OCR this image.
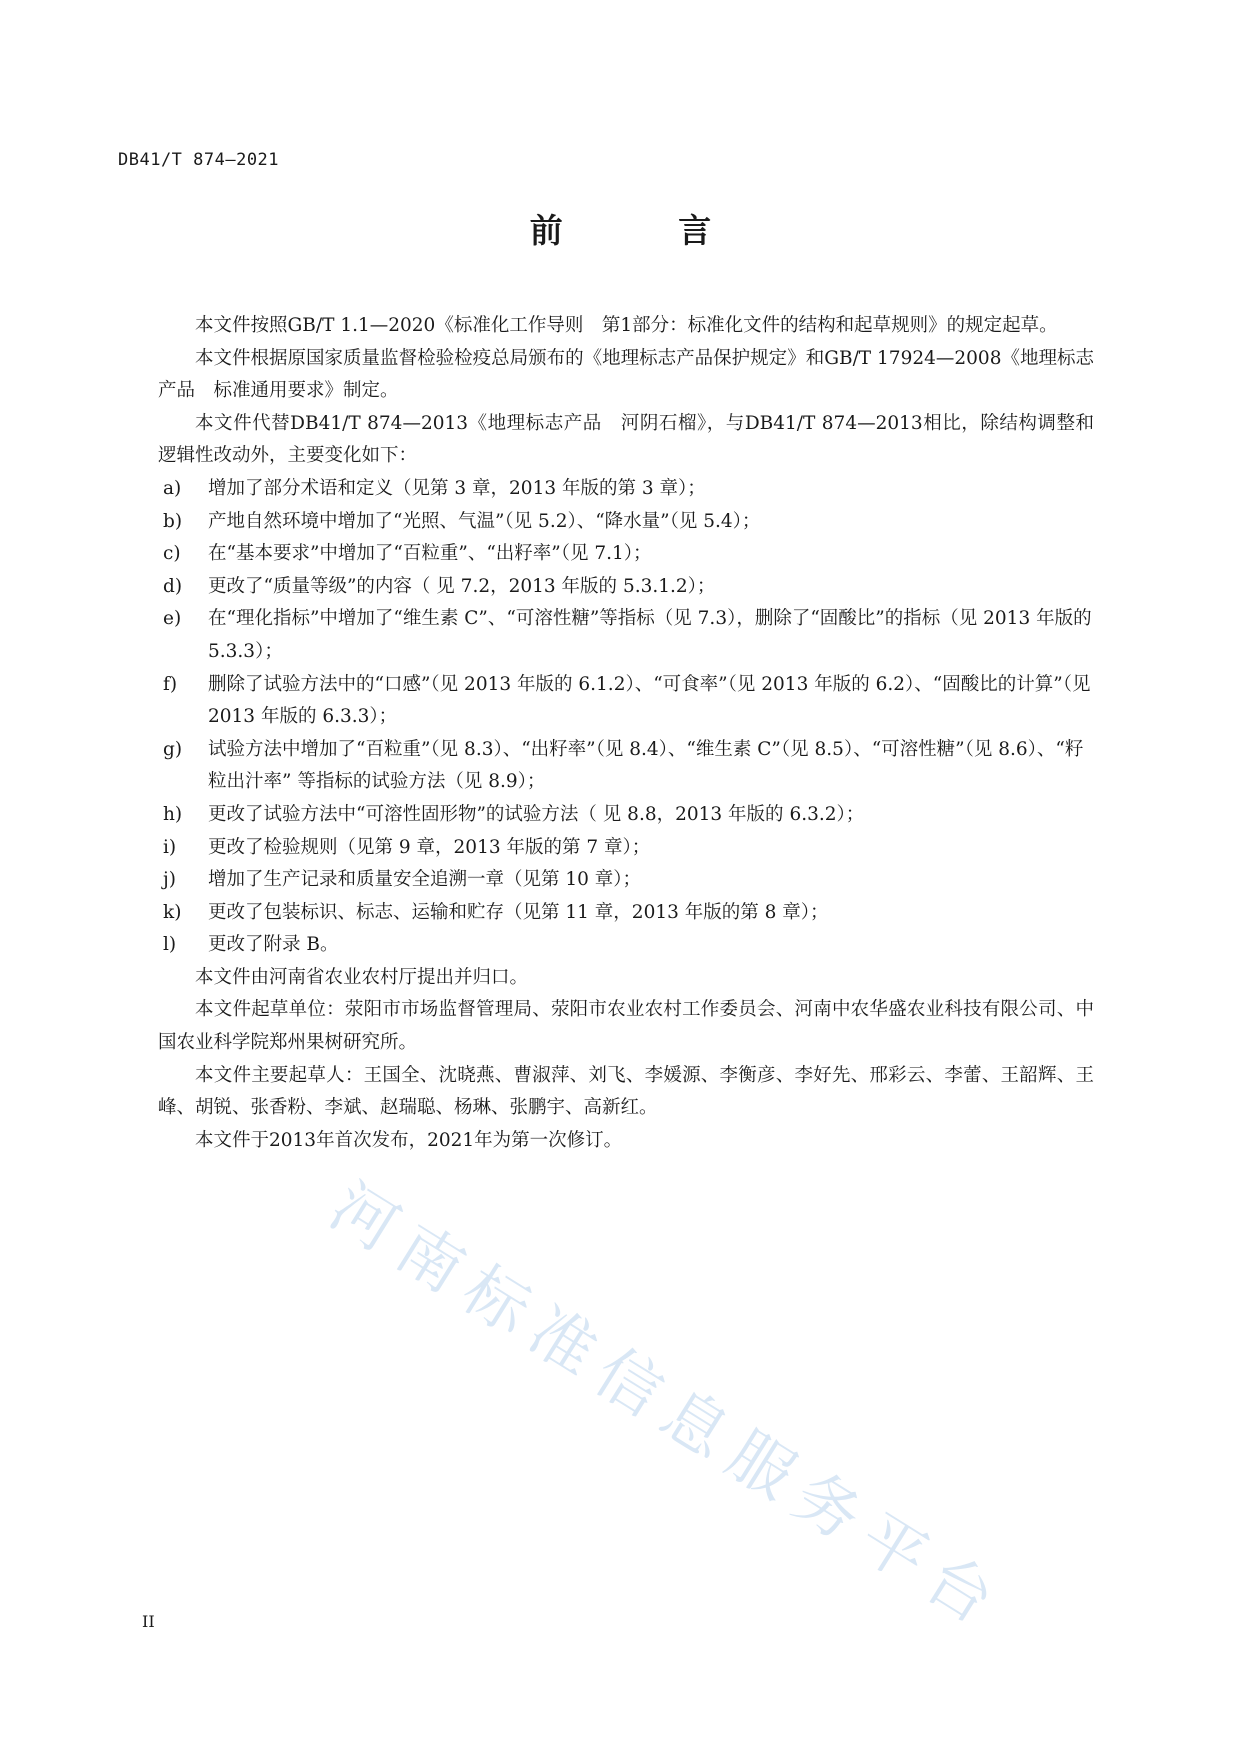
DB41/T 874—2021
前 言

本文件按照GB/T 1.1—2020《标准化工作导则　第1部分：标准化文件的结构和起草规则》的规定起草。

本文件根据原国家质量监督检验检疫总局颁布的《地理标志产品保护规定》和GB/T 17924—2008《地理标志产品　标准通用要求》制定。

本文件代替DB41/T 874—2013《地理标志产品　河阴石榴》，与DB41/T 874—2013相比，除结构调整和逻辑性改动外，主要变化如下：

a) 增加了部分术语和定义（见第 3 章，2013 年版的第 3 章）；

b) 产地自然环境中增加了“光照、气温”（见 5.2）、“降水量”（见 5.4）；

c) 在“基本要求”中增加了“百粒重”、“出籽率”（见 7.1）；

d) 更改了“质量等级”的内容（ 见 7.2，2013 年版的 5.3.1.2）；

e) 在“理化指标”中增加了“维生素 C”、“可溶性糖”等指标（见 7.3），删除了“固酸比”的指标（见 2013 年版的 5.3.3）；

f) 删除了试验方法中的“口感”（见 2013 年版的 6.1.2）、“可食率”（见 2013 年版的 6.2）、“固酸比的计算”（见 2013 年版的 6.3.3）；

g) 试验方法中增加了“百粒重”（见 8.3）、“出籽率”（见 8.4）、“维生素 C”（见 8.5）、“可溶性糖”（见 8.6）、“籽粒出汁率” 等指标的试验方法（见 8.9）；

h) 更改了试验方法中“可溶性固形物”的试验方法（ 见 8.8，2013 年版的 6.3.2）；

i) 更改了检验规则（见第 9 章，2013 年版的第 7 章）；

j) 增加了生产记录和质量安全追溯一章（见第 10 章）；

k) 更改了包装标识、标志、运输和贮存（见第 11 章，2013 年版的第 8 章）；

l) 更改了附录 B。

本文件由河南省农业农村厅提出并归口。

本文件起草单位：荥阳市市场监督管理局、荥阳市农业农村工作委员会、河南中农华盛农业科技有限公司、中国农业科学院郑州果树研究所。

本文件主要起草人：王国全、沈晓燕、曹淑萍、刘飞、李媛源、李衡彦、李好先、邢彩云、李蕾、王韶辉、王峰、胡锐、张香粉、李斌、赵瑞聪、杨琳、张鹏宇、高新红。

本文件于2013年首次发布，2021年为第一次修订。

河南标准信息服务平台
II
